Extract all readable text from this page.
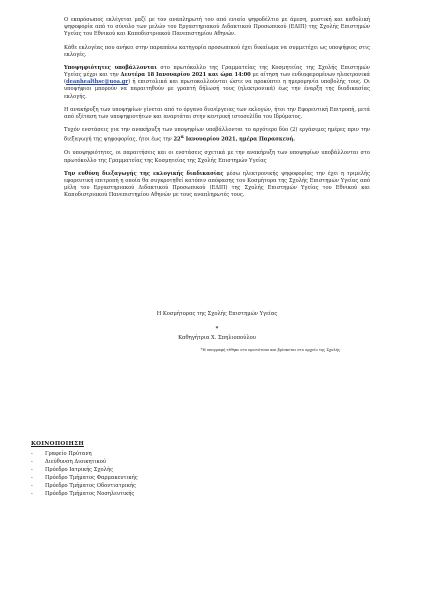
Ο εκπρόσωπος εκλέγεται μαζί με τον αναπληρωτή του από ενιαίο ψηφοδέλτιο με άμεση, μυστική και καθολική ψηφοφορία από το σύνολο των μελών του Εργαστηριακού Διδακτικού Προσωπικού (ΕΔΙΠ) της Σχολής Επιστημών Υγείας του Εθνικού και Καποδιστριακού Πανεπιστημίου Αθηνών.

Κάθε εκλογέας που ανήκει στην παραπάνω κατηγορία προσωπικού έχει δικαίωμα να συμμετέχει ως υποψήφιος στις εκλογές.

Υποψηφιότητες υποβάλλονται στο πρωτόκολλο της Γραμματείας της Κοσμητείας της Σχολής Επιστημών Υγείας μέχρι και την Δευτέρα 18 Ιανουαρίου 2021 και ώρα 14:00 με αίτηση των ενδιαφερομένων ηλεκτρονικά (deanhealthsc@uoa.gr) ή επιστολικά και πρωτοκολλούνται ώστε να προκύπτει η ημερομηνία υποβολής τους. Οι υποψήφιοι μπορούν να παραιτηθούν με γραπτή δήλωσή τους (ηλεκτρονικά) έως την έναρξη της διαδικασίας εκλογής.

Η ανακήρυξη των υποψηφίων γίνεται από το όργανο διενέργειας των εκλογών, ήτοι την Εφορευτική Επιτροπή, μετά από εξέταση των υποψηφιοτήτων και αναρτάται στην κεντρική ιστοσελίδα του Ιδρύματος.

Τυχόν ενστάσεις για την ανακήρυξη των υποψηφίων υποβάλλονται το αργότερο δύο (2) εργάσιμες ημέρες πριν την διεξαγωγή της ψηφοφορίας, ήτοι έως την $22^\alpha$ Ιανουαρίου 2021, ημέρα Παρασκευή.

Οι υποψηφιότητες, οι παραιτήσεις και οι ενστάσεις σχετικά με την ανακήρυξη των υποψηφίων υποβάλλονται στο πρωτόκολλο της Γραμματείας της Κοσμητείας της Σχολής Επιστημών Υγείας

Την ευθύνη διεξαγωγής της εκλογικής διαδικασίας μέσω ηλεκτρονικής ψηφοφορίας την έχει η τριμελής εφορευτική επιτροπή η οποία θα συγκροτηθεί κατόπιν απόφασης του Κοσμήτορα της Σχολής Επιστημών Υγείας από μέλη του Εργαστηριακού Διδακτικού Προσωπικού (ΕΔΙΠ) της Σχολής Επιστημών Υγείας του Εθνικού και Καποδιστριακού Πανεπιστημίου Αθηνών με τους αναπληρωτές τους.

Η Κοσμήτορας της Σχολής Επιστημών Υγείας
*
Καθηγήτρια Χ. Σπηλιοπούλου
*Η υπογραφή τέθηκε στο πρωτότυπο και βρίσκεται στο αρχείο της Σχολής
ΚΟΙΝΟΠΟΙΗΣΗ
-	Γραφείο Πρύτανη
-	Διεύθυνση Διοικητικού
-	Πρόεδρο Ιατρικής Σχολής
-	Πρόεδρο Τμήματος Φαρμακευτικής
-	Πρόεδρο Τμήματος Οδοντιατρικής
-	Πρόεδρο Τμήματος Νοσηλευτικής
